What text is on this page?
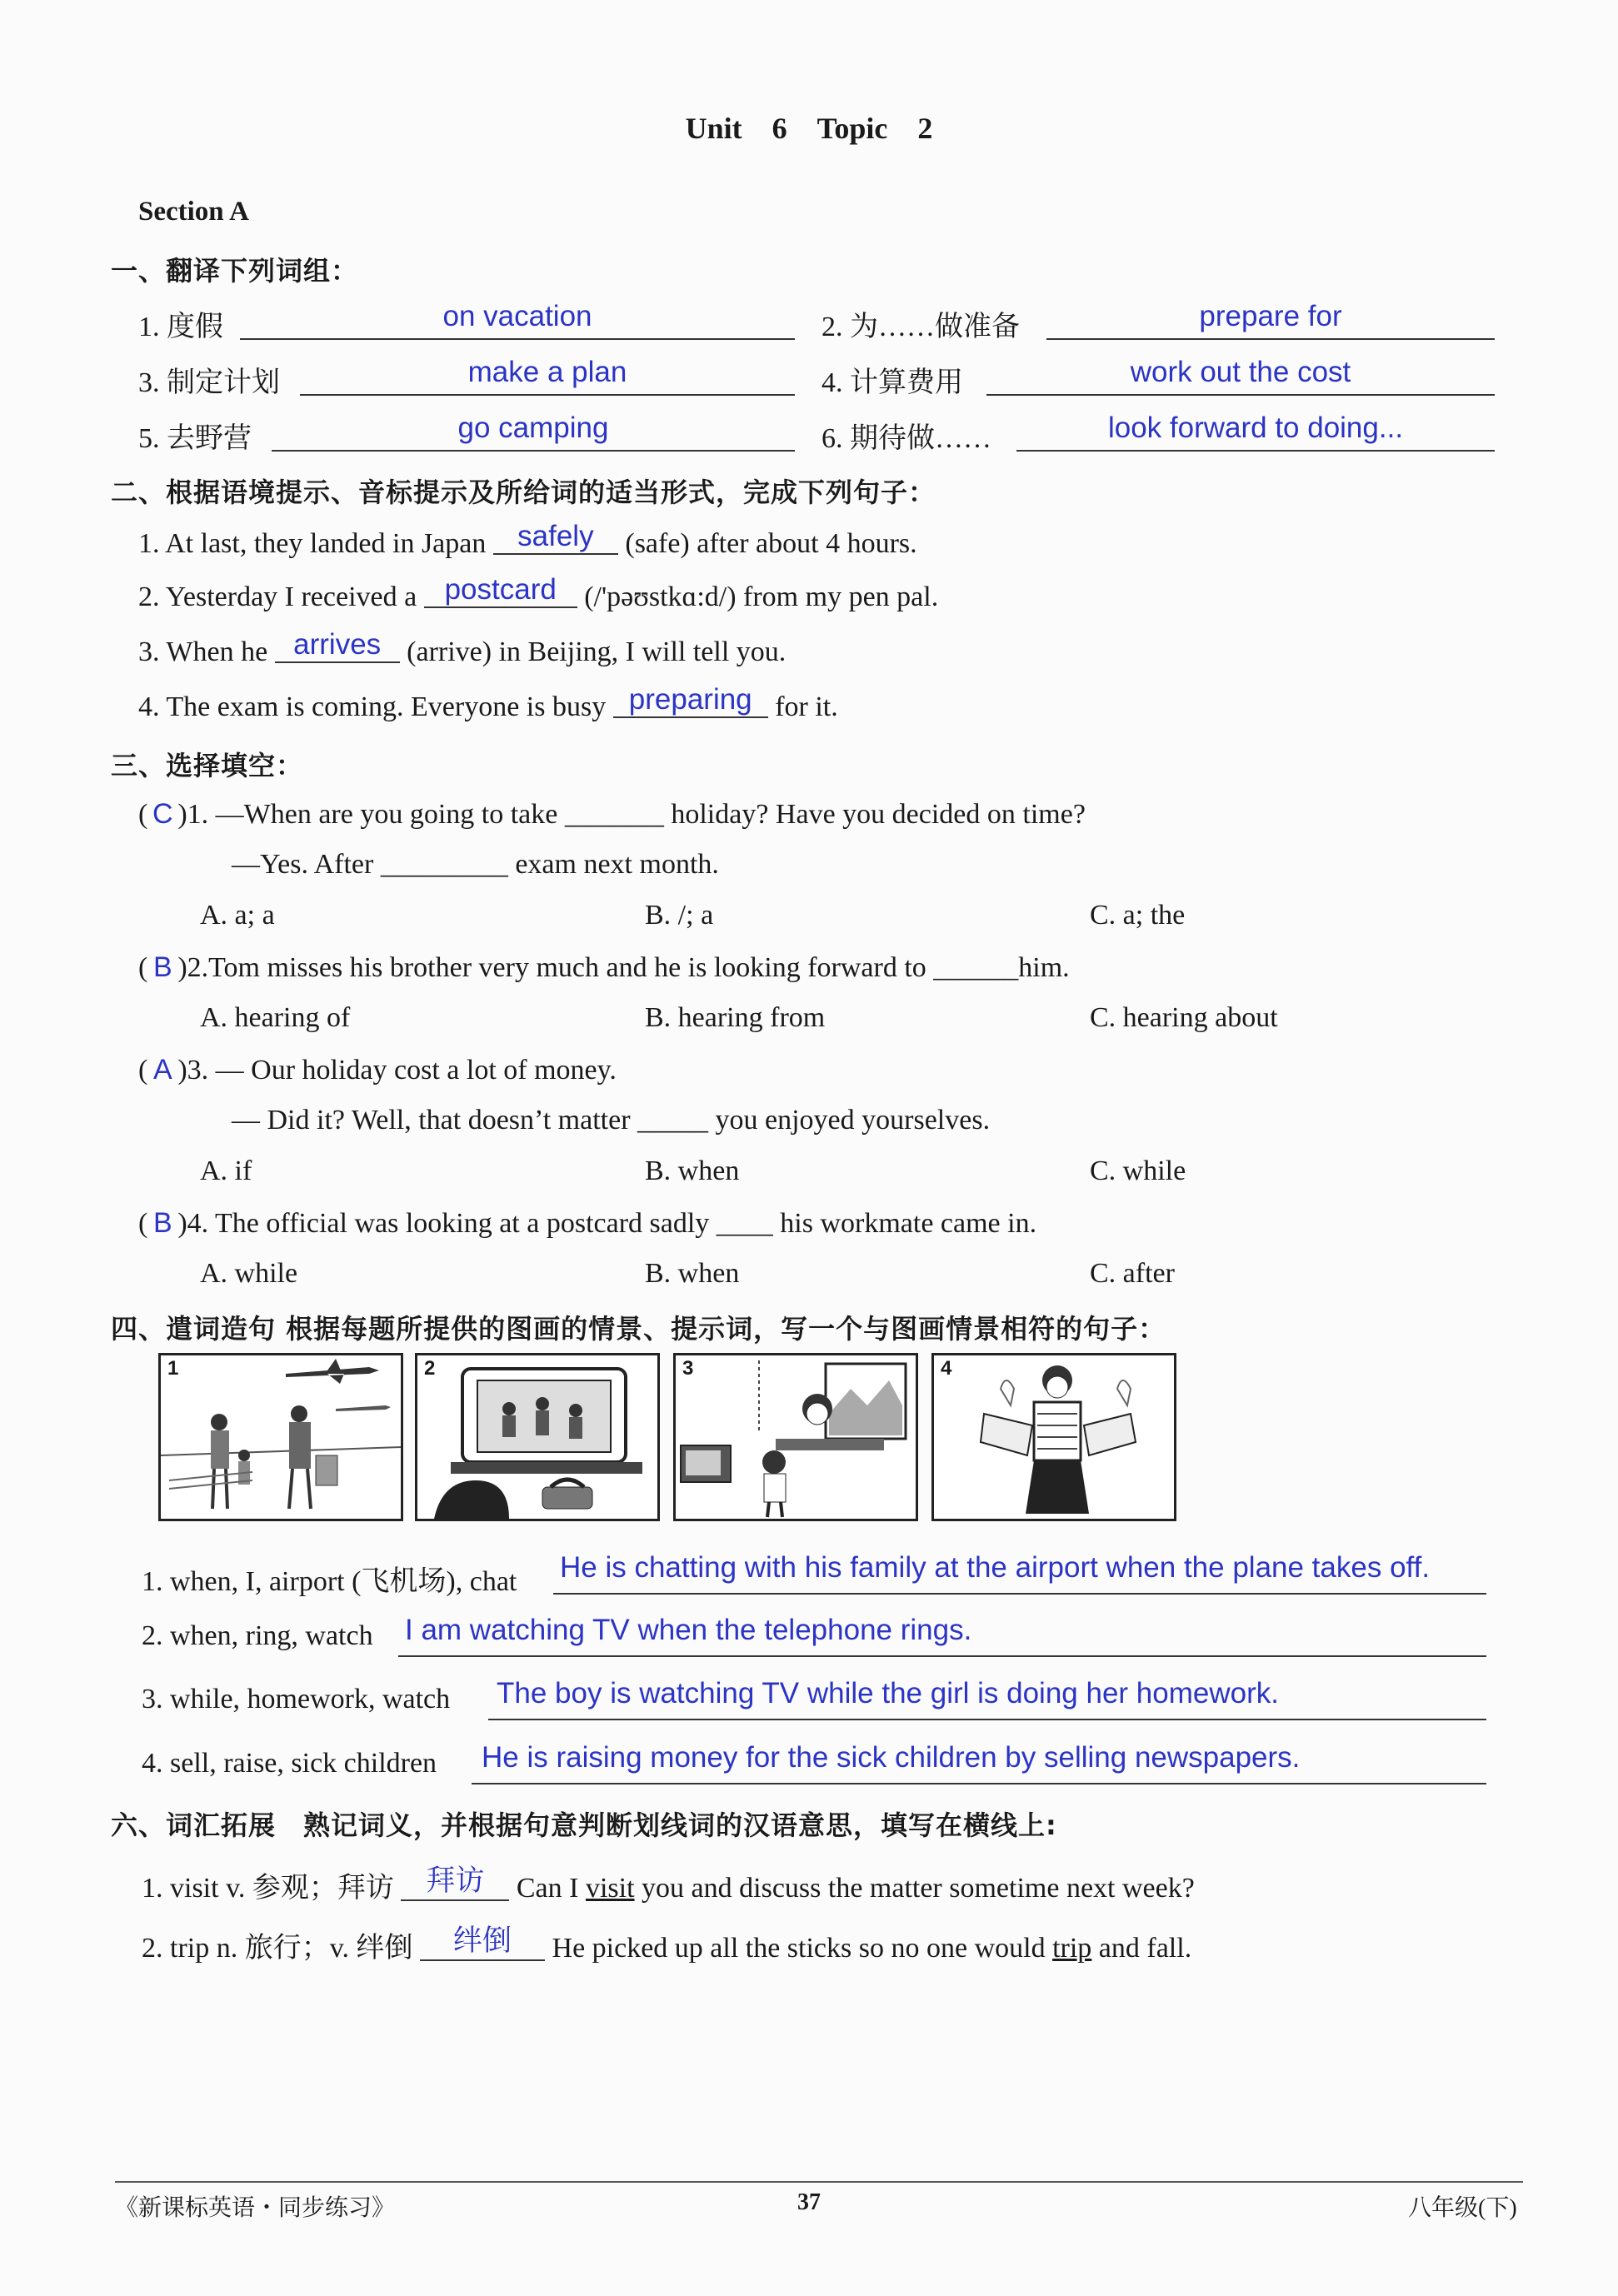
Unit　6　Topic　2
Section A
一、翻译下列词组：
1. 度假	on vacation	2. 为……做准备	prepare for
3. 制定计划	make a plan	4. 计算费用	work out the cost
5. 去野营	go camping	6. 期待做……	look forward to doing...
二、根据语境提示、音标提示及所给词的适当形式，完成下列句子：
1. At last, they landed in Japan safely (safe) after about 4 hours.
2. Yesterday I received a postcard (/'pəʊstkɑ:d/) from my pen pal.
3. When he arrives (arrive) in Beijing, I will tell you.
4. The exam is coming. Everyone is busy preparing for it.
三、选择填空：
( C )1. —When are you going to take _______ holiday? Have you decided on time?
—Yes. After _________ exam next month.
A. a; a	B. /; a	C. a; the
( B )2.Tom misses his brother very much and he is looking forward to ______him.
A. hearing of	B. hearing from	C. hearing about
( A )3. — Our holiday cost a lot of money.
— Did it? Well, that doesn’t matter _____ you enjoyed yourselves.
A. if	B. when	C. while
( B )4. The official was looking at a postcard sadly ____ his workmate came in.
A. while	B. when	C. after
四、遣词造句 根据每题所提供的图画的情景、提示词，写一个与图画情景相符的句子：
1	2	3	4
1. when, I, airport (飞机场), chat He is chatting with his family at the airport when the plane takes off.
2. when, ring, watch I am watching TV when the telephone rings.
3. while, homework, watch The boy is watching TV while the girl is doing her homework.
4. sell, raise, sick children He is raising money for the sick children by selling newspapers.
六、词汇拓展　熟记词义，并根据句意判断划线词的汉语意思，填写在横线上:
1. visit v. 参观；拜访 拜访 Can I visit you and discuss the matter sometime next week?
2. trip n. 旅行；v. 绊倒 绊倒 He picked up all the sticks so no one would trip and fall.
《新课标英语・同步练习》	37	八年级(下)
